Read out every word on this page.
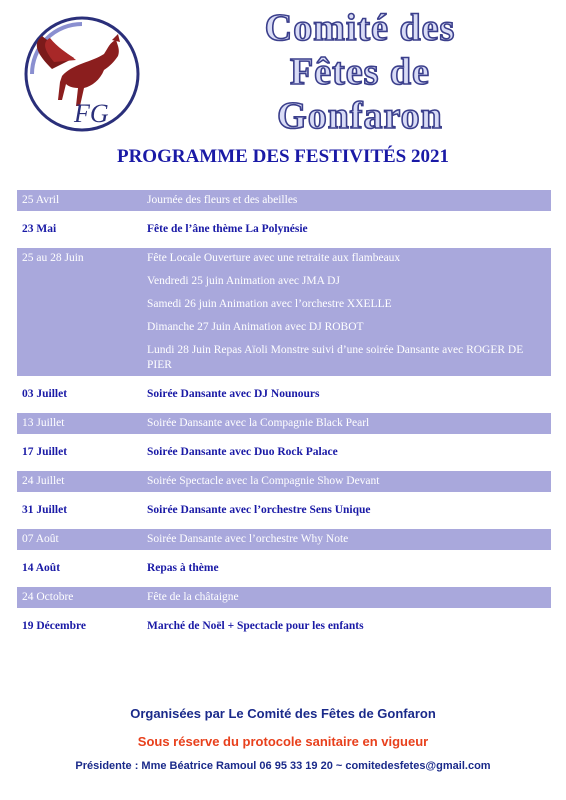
FG
Comité des
Fêtes de
Gonfaron
PROGRAMME DES FESTIVITÉS 2021
25 Avril	Journée des fleurs et des abeilles
23 Mai	Fête de l’âne thème La Polynésie
25 au 28 Juin	Fête Locale Ouverture avec une retraite aux flambeaux
Vendredi 25 juin Animation avec JMA DJ
Samedi 26 juin Animation avec l’orchestre XXELLE
Dimanche 27 Juin Animation avec DJ ROBOT
Lundi 28 Juin Repas Aïoli Monstre suivi d’une soirée Dansante avec ROGER DE PIER
03 Juillet	Soirée Dansante avec DJ Nounours
13 Juillet	Soirée Dansante avec la Compagnie Black Pearl
17 Juillet	Soirée Dansante avec Duo Rock Palace
24 Juillet	Soirée Spectacle avec la Compagnie Show Devant
31 Juillet	Soirée Dansante avec l’orchestre Sens Unique
07 Août	Soirée Dansante avec l’orchestre Why Note
14 Août	Repas à thème
24 Octobre	Fête de la châtaigne
19 Décembre	Marché de Noël + Spectacle pour les enfants
Organisées par Le Comité des Fêtes de Gonfaron
Sous réserve du protocole sanitaire en vigueur
Présidente : Mme Béatrice Ramoul 06 95 33 19 20 ~ comitedesfetes@gmail.com
